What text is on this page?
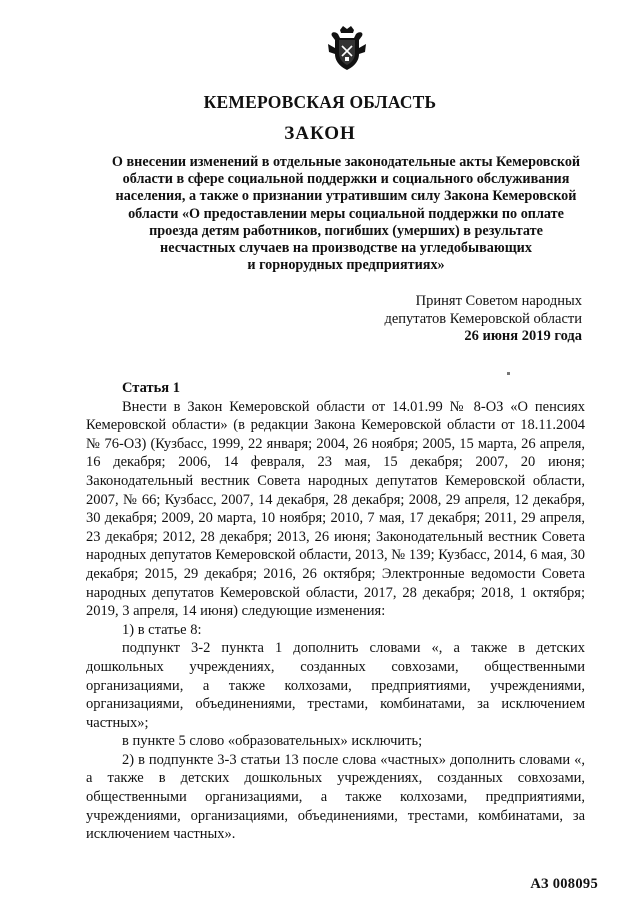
КЕМЕРОВСКАЯ ОБЛАСТЬ
ЗАКОН
О внесении изменений в отдельные законодательные акты Кемеровской
области в сфере социальной поддержки и социального обслуживания
населения, а также о признании утратившим силу Закона Кемеровской
области «О предоставлении меры социальной поддержки по оплате
проезда детям работников, погибших (умерших) в результате
несчастных случаев на производстве на угледобывающих
и горнорудных предприятиях»
Принят Советом народных
депутатов Кемеровской области
26 июня 2019 года
Статья 1

Внести в Закон Кемеровской области от 14.01.99 № 8-ОЗ «О пенсиях Кемеровской области» (в редакции Закона Кемеровской области от 18.11.2004 № 76-ОЗ) (Кузбасс, 1999, 22 января; 2004, 26 ноября; 2005, 15 марта, 26 апреля, 16 декабря; 2006, 14 февраля, 23 мая, 15 декабря; 2007, 20 июня; Законодательный вестник Совета народных депутатов Кемеровской области, 2007, № 66; Кузбасс, 2007, 14 декабря, 28 декабря; 2008, 29 апреля, 12 декабря, 30 декабря; 2009, 20 марта, 10 ноября; 2010, 7 мая, 17 декабря; 2011, 29 апреля, 23 декабря; 2012, 28 декабря; 2013, 26 июня; Законодательный вестник Совета народных депутатов Кемеровской области, 2013, № 139; Кузбасс, 2014, 6 мая, 30 декабря; 2015, 29 декабря; 2016, 26 октября; Электронные ведомости Совета народных депутатов Кемеровской области, 2017, 28 декабря; 2018, 1 октября; 2019, 3 апреля, 14 июня) следующие изменения:

1) в статье 8:

подпункт 3-2 пункта 1 дополнить словами «, а также в детских дошкольных учреждениях, созданных совхозами, общественными организациями, а также колхозами, предприятиями, учреждениями, организациями, объединениями, трестами, комбинатами, за исключением частных»;

в пункте 5 слово «образовательных» исключить;

2) в подпункте 3-3 статьи 13 после слова «частных» дополнить словами «, а также в детских дошкольных учреждениях, созданных совхозами, общественными организациями, а также колхозами, предприятиями, учреждениями, организациями, объединениями, трестами, комбинатами, за исключением частных».

АЗ 008095
